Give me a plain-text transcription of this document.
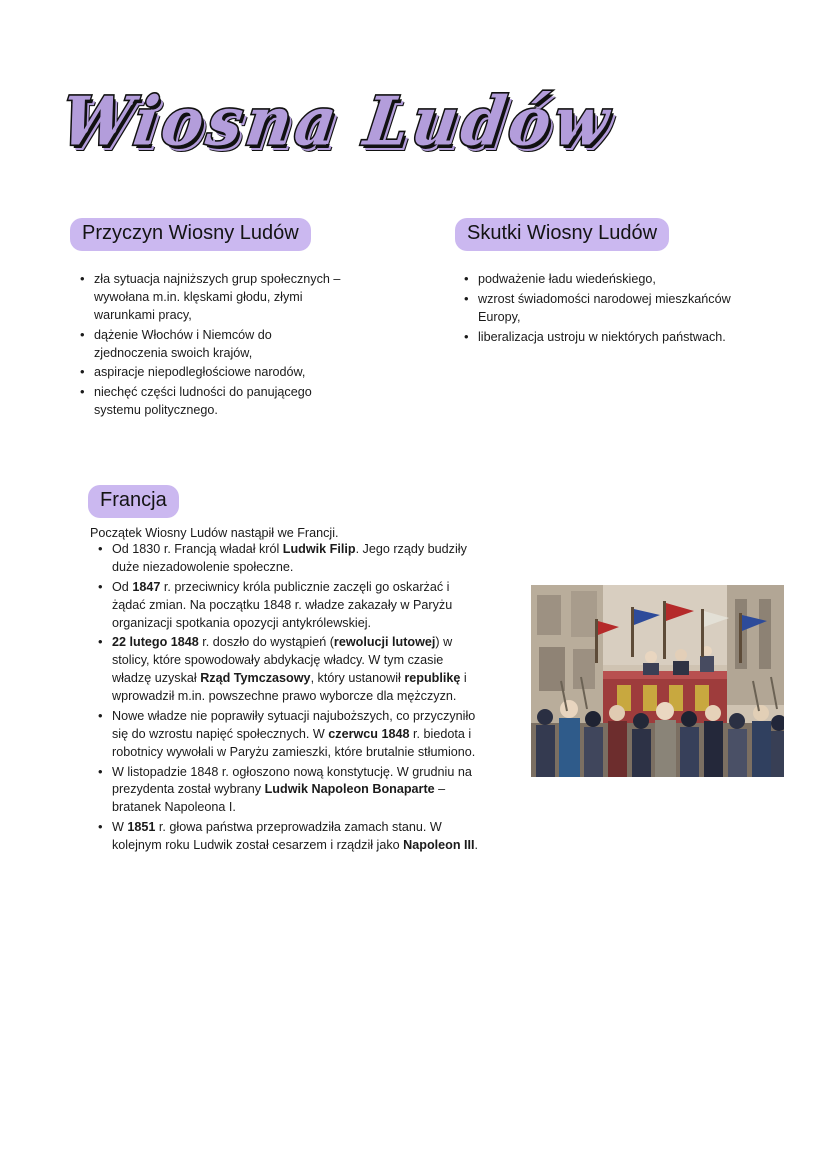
Wiosna Ludów
Przyczyn Wiosny Ludów
• zła sytuacja najniższych grup społecznych – wywołana m.in. klęskami głodu, złymi warunkami pracy,
• dążenie Włochów i Niemców do zjednoczenia swoich krajów,
• aspiracje niepodległościowe narodów,
• niechęć części ludności do panującego systemu politycznego.
Skutki Wiosny Ludów
• podważenie ładu wiedeńskiego,
• wzrost świadomości narodowej mieszkańców Europy,
• liberalizacja ustroju w niektórych państwach.
Francja
Początek Wiosny Ludów nastąpił we Francji.
• Od 1830 r. Francją władał król Ludwik Filip. Jego rządy budziły duże niezadowolenie społeczne.
• Od 1847 r. przeciwnicy króla publicznie zaczęli go oskarżać i żądać zmian. Na początku 1848 r. władze zakazały w Paryżu organizacji spotkania opozycji antykrólewskiej.
• 22 lutego 1848 r. doszło do wystąpień (rewolucji lutowej) w stolicy, które spowodowały abdykację władcy. W tym czasie władzę uzyskał Rząd Tymczasowy, który ustanowił republikę i wprowadził m.in. powszechne prawo wyborcze dla mężczyzn.
• Nowe władze nie poprawiły sytuacji najuboższych, co przyczyniło się do wzrostu napięć społecznych. W czerwcu 1848 r. biedota i robotnicy wywołali w Paryżu zamieszki, które brutalnie stłumiono.
• W listopadzie 1848 r. ogłoszono nową konstytucję. W grudniu na prezydenta został wybrany Ludwik Napoleon Bonaparte – bratanek Napoleona I.
• W 1851 r. głowa państwa przeprowadziła zamach stanu. W kolejnym roku Ludwik został cesarzem i rządził jako Napoleon III.
